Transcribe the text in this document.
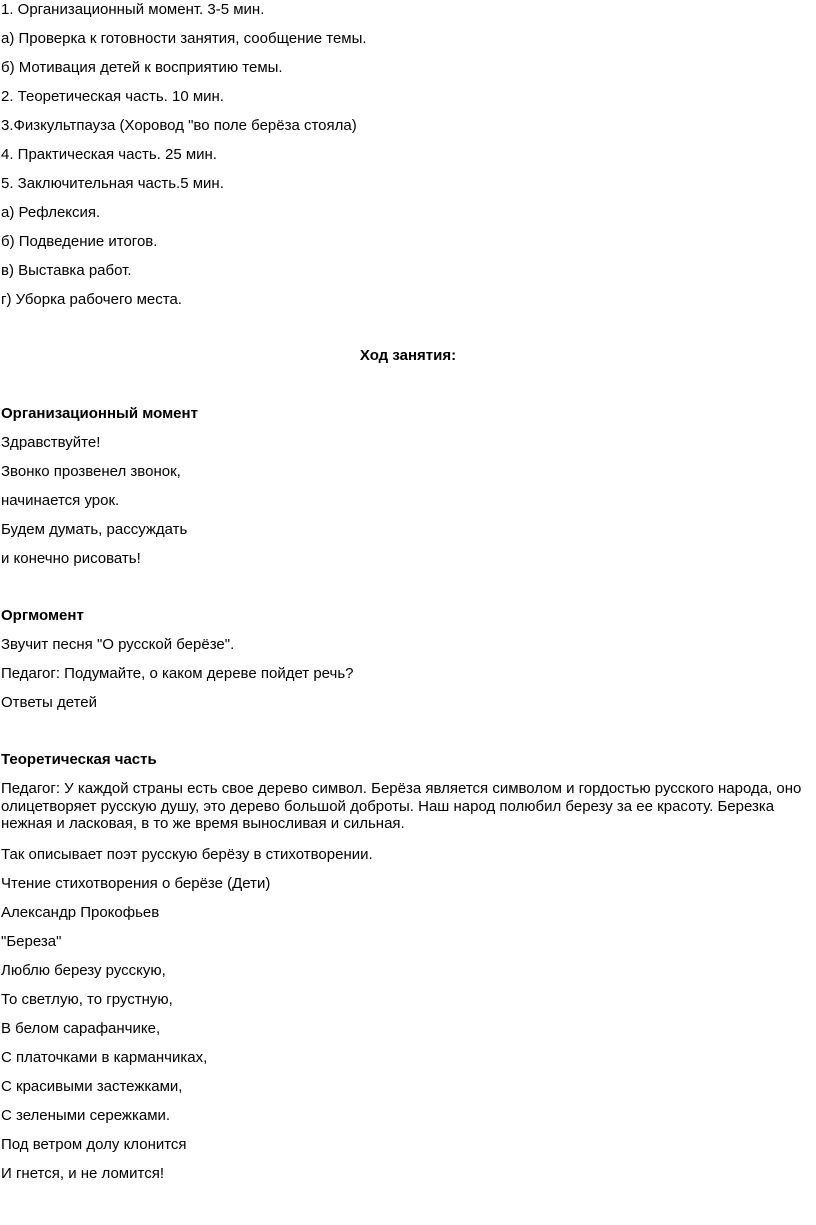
1. Организационный момент. 3-5 мин.
а) Проверка к готовности занятия, сообщение темы.
б) Мотивация детей к восприятию темы.
2. Теоретическая часть. 10 мин.
3.Физкультпауза (Хоровод "во поле берёза стояла)
4. Практическая часть. 25 мин.
5. Заключительная часть.5 мин.
а) Рефлексия.
б) Подведение итогов.
в) Выставка работ.
г) Уборка рабочего места.
Ход занятия:
Организационный момент
Здравствуйте!
Звонко прозвенел звонок,
начинается урок.
Будем думать, рассуждать
и конечно рисовать!
Оргмомент
Звучит песня "О русской берёзе".
Педагог: Подумайте, о каком дереве пойдет речь?
Ответы детей
Теоретическая часть
Педагог: У каждой страны есть свое дерево символ. Берёза является символом и гордостью русского народа, оно олицетворяет русскую душу, это дерево большой доброты. Наш народ полюбил березу за ее красоту. Березка нежная и ласковая, в то же время выносливая и сильная.
Так описывает поэт русскую берёзу в стихотворении.
Чтение стихотворения о берёзе (Дети)
Александр Прокофьев
"Береза"
Люблю березу русскую,
То светлую, то грустную,
В белом сарафанчике,
С платочками в карманчиках,
С красивыми застежками,
С зелеными сережками.
Под ветром долу клонится
И гнется, и не ломится!
